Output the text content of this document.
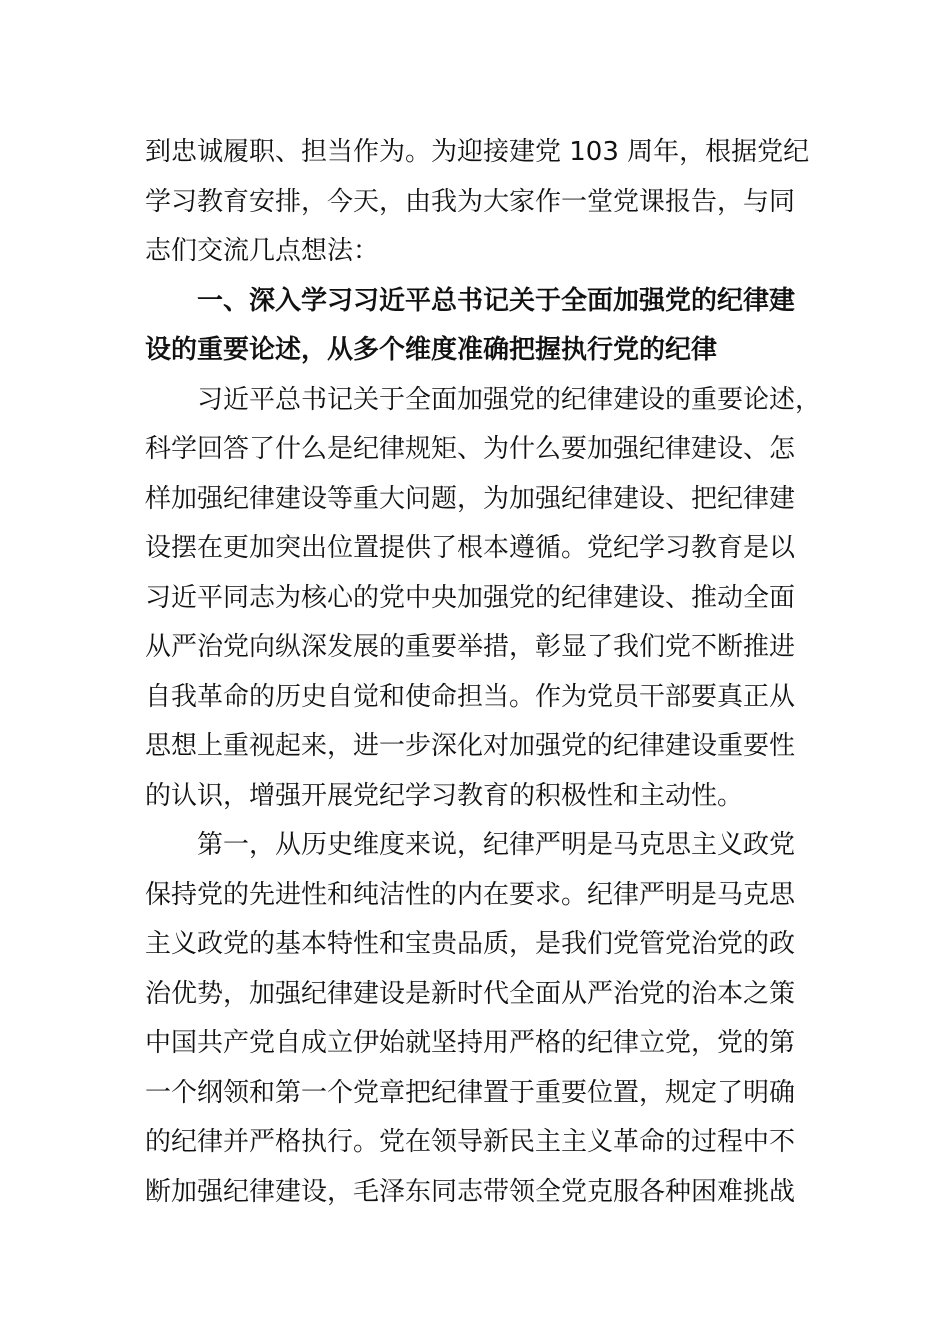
到忠诚履职、担当作为。为迎接建党 103 周年，根据党纪
学习教育安排，今天，由我为大家作一堂党课报告，与同
志们交流几点想法：
一、深入学习习近平总书记关于全面加强党的纪律建
设的重要论述，从多个维度准确把握执行党的纪律
习近平总书记关于全面加强党的纪律建设的重要论述，
科学回答了什么是纪律规矩、为什么要加强纪律建设、怎
样加强纪律建设等重大问题，为加强纪律建设、把纪律建
设摆在更加突出位置提供了根本遵循。党纪学习教育是以
习近平同志为核心的党中央加强党的纪律建设、推动全面
从严治党向纵深发展的重要举措，彰显了我们党不断推进
自我革命的历史自觉和使命担当。作为党员干部要真正从
思想上重视起来，进一步深化对加强党的纪律建设重要性
的认识，增强开展党纪学习教育的积极性和主动性。
第一，从历史维度来说，纪律严明是马克思主义政党
保持党的先进性和纯洁性的内在要求。纪律严明是马克思
主义政党的基本特性和宝贵品质，是我们党管党治党的政
治优势，加强纪律建设是新时代全面从严治党的治本之策
中国共产党自成立伊始就坚持用严格的纪律立党，党的第
一个纲领和第一个党章把纪律置于重要位置，规定了明确
的纪律并严格执行。党在领导新民主主义革命的过程中不
断加强纪律建设，毛泽东同志带领全党克服各种困难挑战
